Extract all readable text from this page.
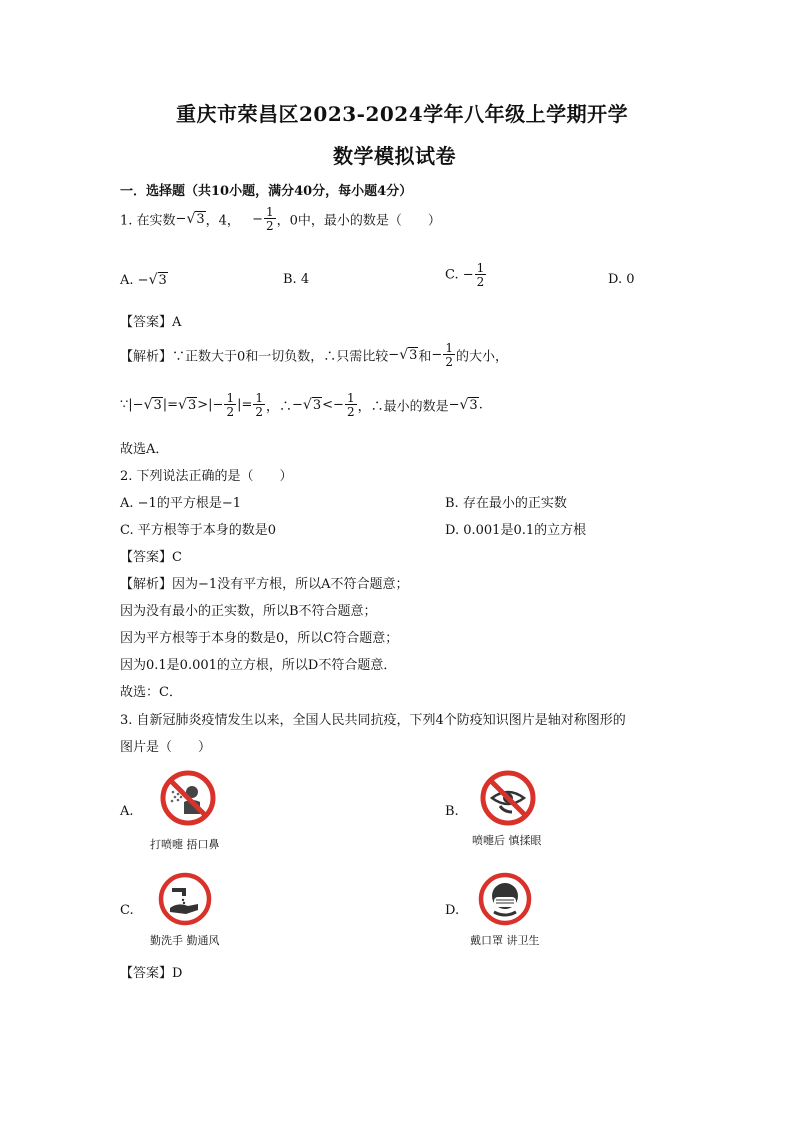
重庆市荣昌区2023-2024学年八年级上学期开学
数学模拟试卷
一．选择题（共10小题，满分40分，每小题4分）
1. 在实数−√3，4， − $\frac{1}{2}$ ，0中，最小的数是（　　）
A. −√3	B. 4	C. − $\frac{1}{2}$	D. 0
【答案】A
【解析】∵正数大于0和一切负数，∴只需比较−√3和− $\frac{1}{2}$ 的大小，
∵|−√3|=√3>|− $\frac{1}{2}$ |= $\frac{1}{2}$ ，∴−√3<− $\frac{1}{2}$ ，∴最小的数是−√3.
故选A．
2. 下列说法正确的是（　　）
A. −1的平方根是−1	B. 存在最小的正实数
C. 平方根等于本身的数是0	D. 0.001是0.1的立方根
【答案】C
【解析】因为−1没有平方根，所以A不符合题意；
因为没有最小的正实数，所以B不符合题意；
因为平方根等于本身的数是0，所以C符合题意；
因为0.1是0.001的立方根，所以D不符合题意．
故选：C．
3. 自新冠肺炎疫情发生以来，全国人民共同抗疫，下列4个防疫知识图片是轴对称图形的
图片是（　　）
A.
打喷嚏 捂口鼻
B.
喷嚏后 慎揉眼
C.
勤洗手 勤通风
D.
戴口罩 讲卫生
【答案】D
